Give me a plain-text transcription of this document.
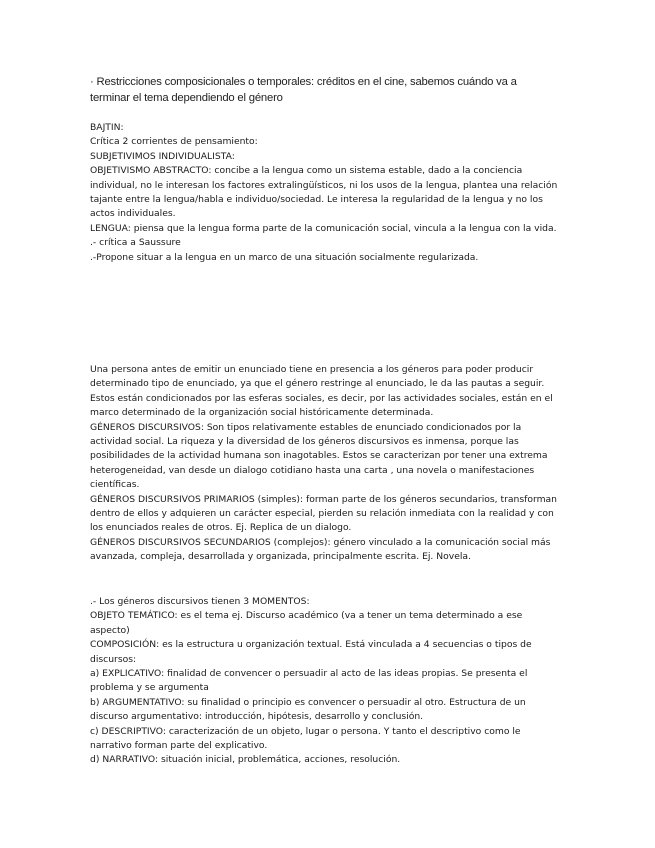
· Restricciones composicionales o temporales: créditos en el cine, sabemos cuándo va a terminar el tema dependiendo el género

BAJTIN:

Crítica 2 corrientes de pensamiento:

SUBJETIVIMOS INDIVIDUALISTA:

OBJETIVISMO ABSTRACTO: concibe a la lengua como un sistema estable, dado a la conciencia individual, no le interesan los factores extralingüísticos, ni los usos de la lengua, plantea una relación tajante entre la lengua/habla e individuo/sociedad. Le interesa la regularidad de la lengua y no los actos individuales.

LENGUA: piensa que la lengua forma parte de la comunicación social, vincula a la lengua con la vida.

.- crítica a Saussure

.-Propone situar a la lengua en un marco de una situación socialmente regularizada.

Una persona antes de emitir un enunciado tiene en presencia a los géneros para poder producir determinado tipo de enunciado, ya que el género restringe al enunciado, le da las pautas a seguir. Estos están condicionados por las esferas sociales, es decir, por las actividades sociales, están en el marco determinado de la organización social históricamente determinada.

GÉNEROS DISCURSIVOS: Son tipos relativamente estables de enunciado condicionados por la actividad social. La riqueza y la diversidad de los géneros discursivos es inmensa, porque las posibilidades de la actividad humana son inagotables. Estos se caracterizan por tener una extrema heterogeneidad, van desde un dialogo cotidiano hasta una carta , una novela o manifestaciones científicas.

GÉNEROS DISCURSIVOS PRIMARIOS (simples): forman parte de los géneros secundarios, transforman dentro de ellos y adquieren un carácter especial, pierden su relación inmediata con la realidad y con los enunciados reales de otros. Ej. Replica de un dialogo.

GÉNEROS DISCURSIVOS SECUNDARIOS (complejos): género vinculado a la comunicación social más avanzada, compleja, desarrollada y organizada, principalmente escrita. Ej. Novela.

.- Los géneros discursivos tienen 3 MOMENTOS:

OBJETO TEMÁTICO: es el tema ej. Discurso académico (va a tener un tema determinado a ese aspecto)

COMPOSICIÓN: es la estructura u organización textual. Está vinculada a 4 secuencias o tipos de discursos:

a) EXPLICATIVO: finalidad de convencer o persuadir al acto de las ideas propias. Se presenta el problema y se argumenta

b) ARGUMENTATIVO: su finalidad o principio es convencer o persuadir al otro. Estructura de un discurso argumentativo: introducción, hipótesis, desarrollo y conclusión.

c) DESCRIPTIVO: caracterización de un objeto, lugar o persona. Y tanto el descriptivo como le narrativo forman parte del explicativo.

d) NARRATIVO: situación inicial, problemática, acciones, resolución.
